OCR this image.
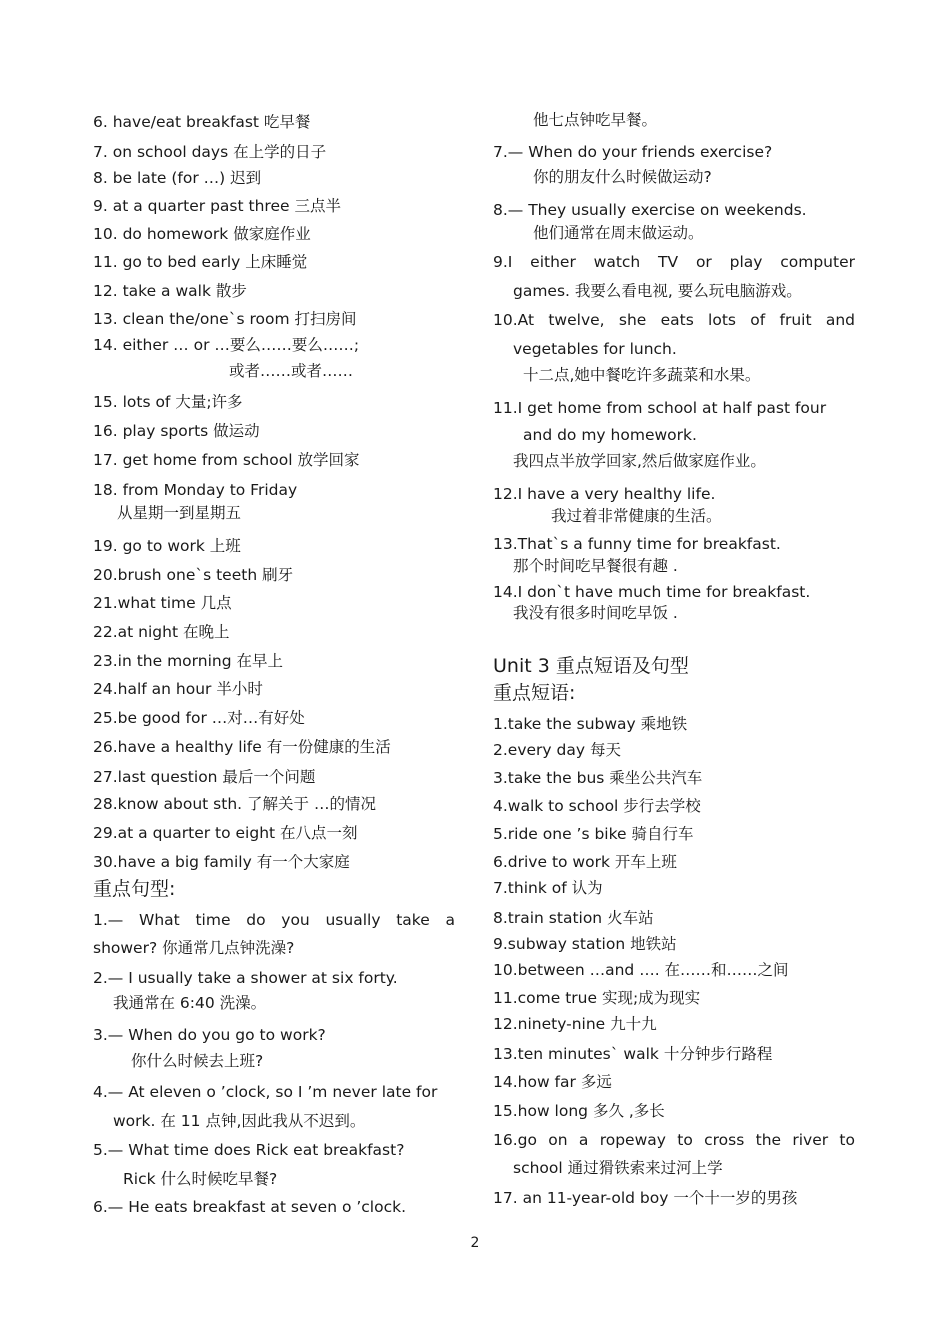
6. have/eat breakfast 吃早餐
7. on school days 在上学的日子
8. be late (for …) 迟到
9. at a quarter past three 三点半
10. do homework 做家庭作业
11. go to bed early 上床睡觉
12. take a walk 散步
13. clean the/one`s room 打扫房间
14. either … or …要么……要么……;
或者……或者……
15. lots of 大量;许多
16. play sports 做运动
17. get home from school 放学回家
18. from Monday to Friday
从星期一到星期五
19. go to work 上班
20.brush one`s teeth 刷牙
21.what time 几点
22.at night 在晚上
23.in the morning 在早上
24.half an hour 半小时
25.be good for …对…有好处
26.have a healthy life 有一份健康的生活
27.last question 最后一个问题
28.know about sth. 了解关于 …的情况
29.at a quarter to eight 在八点一刻
30.have a big family 有一个大家庭
重点句型:
1.— What time do you usually take a
shower? 你通常几点钟洗澡?
2.— I usually take a shower at six forty.
我通常在 6:40 洗澡。
3.— When do you go to work?
你什么时候去上班?
4.— At eleven o ’clock, so I ’m never late for
work. 在 11 点钟,因此我从不迟到。
5.— What time does Rick eat breakfast?
Rick 什么时候吃早餐?
6.— He eats breakfast at seven o ’clock.
他七点钟吃早餐。
7.— When do your friends exercise?
你的朋友什么时候做运动?
8.— They usually exercise on weekends.
他们通常在周末做运动。
9.I either watch TV or play computer
games. 我要么看电视, 要么玩电脑游戏。
10.At twelve, she eats lots of fruit and
vegetables for lunch.
十二点,她中餐吃许多蔬菜和水果。
11.I get home from school at half past four
and do my homework.
我四点半放学回家,然后做家庭作业。
12.I have a very healthy life.
我过着非常健康的生活。
13.That`s a funny time for breakfast.
那个时间吃早餐很有趣 .
14.I don`t have much time for breakfast.
我没有很多时间吃早饭 .
Unit 3 重点短语及句型
重点短语:
1.take the subway 乘地铁
2.every day 每天
3.take the bus 乘坐公共汽车
4.walk to school 步行去学校
5.ride one ’s bike 骑自行车
6.drive to work 开车上班
7.think of 认为
8.train station 火车站
9.subway station 地铁站
10.between …and …. 在……和……之间
11.come true 实现;成为现实
12.ninety-nine 九十九
13.ten minutes` walk 十分钟步行路程
14.how far 多远
15.how long 多久 ,多长
16.go on a ropeway to cross the river to
school 通过猾铁索来过河上学
17. an 11-year-old boy 一个十一岁的男孩
2
